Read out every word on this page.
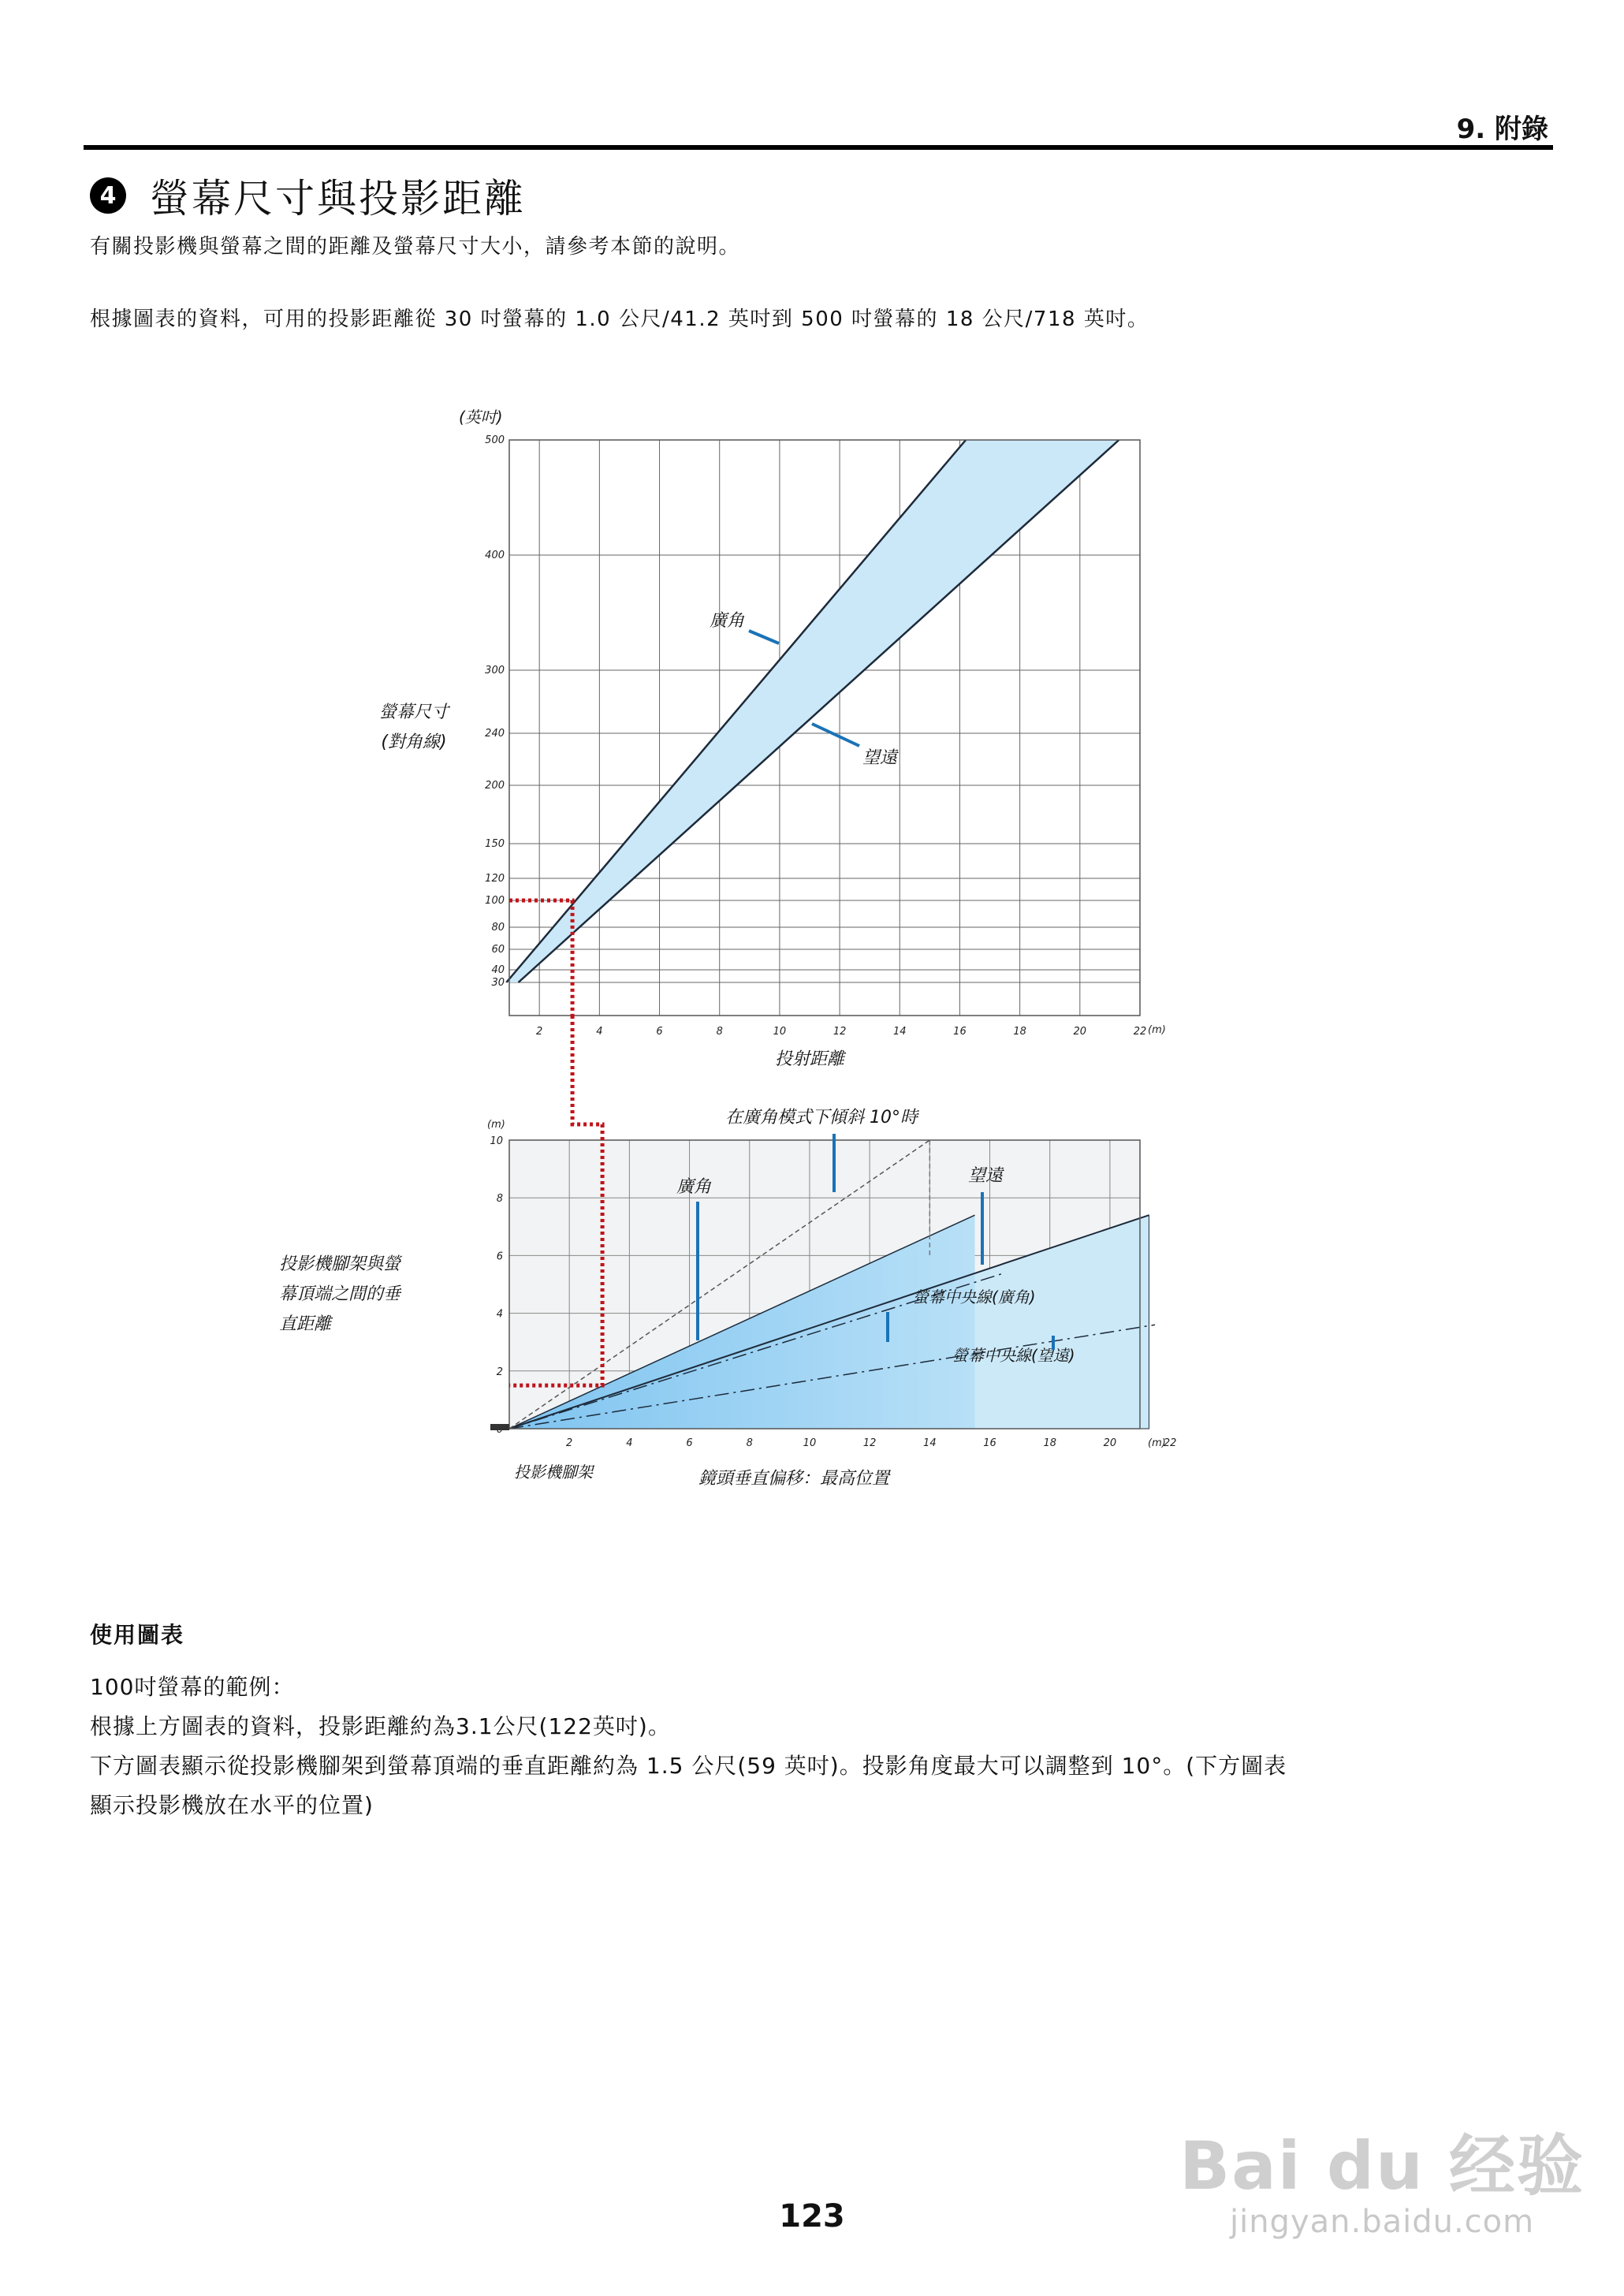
9. 附錄
4 螢幕尺寸與投影距離
有關投影機與螢幕之間的距離及螢幕尺寸大小，請參考本節的說明。
根據圖表的資料，可用的投影距離從 30 吋螢幕的 1.0 公尺/41.2 英吋到 500 吋螢幕的 18 公尺/718 英吋。
30
40
60
80
100
120
150
200
240
300
400
500
2	4	6	8	10	12	14	16	18	20	22
(英吋)
(m)
投射距離
螢幕尺寸
(對角線)
廣角
望遠
2
4
6
8
10
2	4	6	8	10	12	14	16	18	20	22
(m)
(m)
在廣角模式下傾斜 10°時
廣角
望遠
螢幕中央線(廣角)
螢幕中央線(望遠)
投影機腳架與螢
幕頂端之間的垂
直距離
投影機腳架	鏡頭垂直偏移：最高位置
使用圖表
100吋螢幕的範例：
根據上方圖表的資料，投影距離約為3.1公尺(122英吋)。
下方圖表顯示從投影機腳架到螢幕頂端的垂直距離約為 1.5 公尺(59 英吋)。投影角度最大可以調整到 10°。(下方圖表
顯示投影機放在水平的位置)
Bai du 经验
jingyan.baidu.com
123
